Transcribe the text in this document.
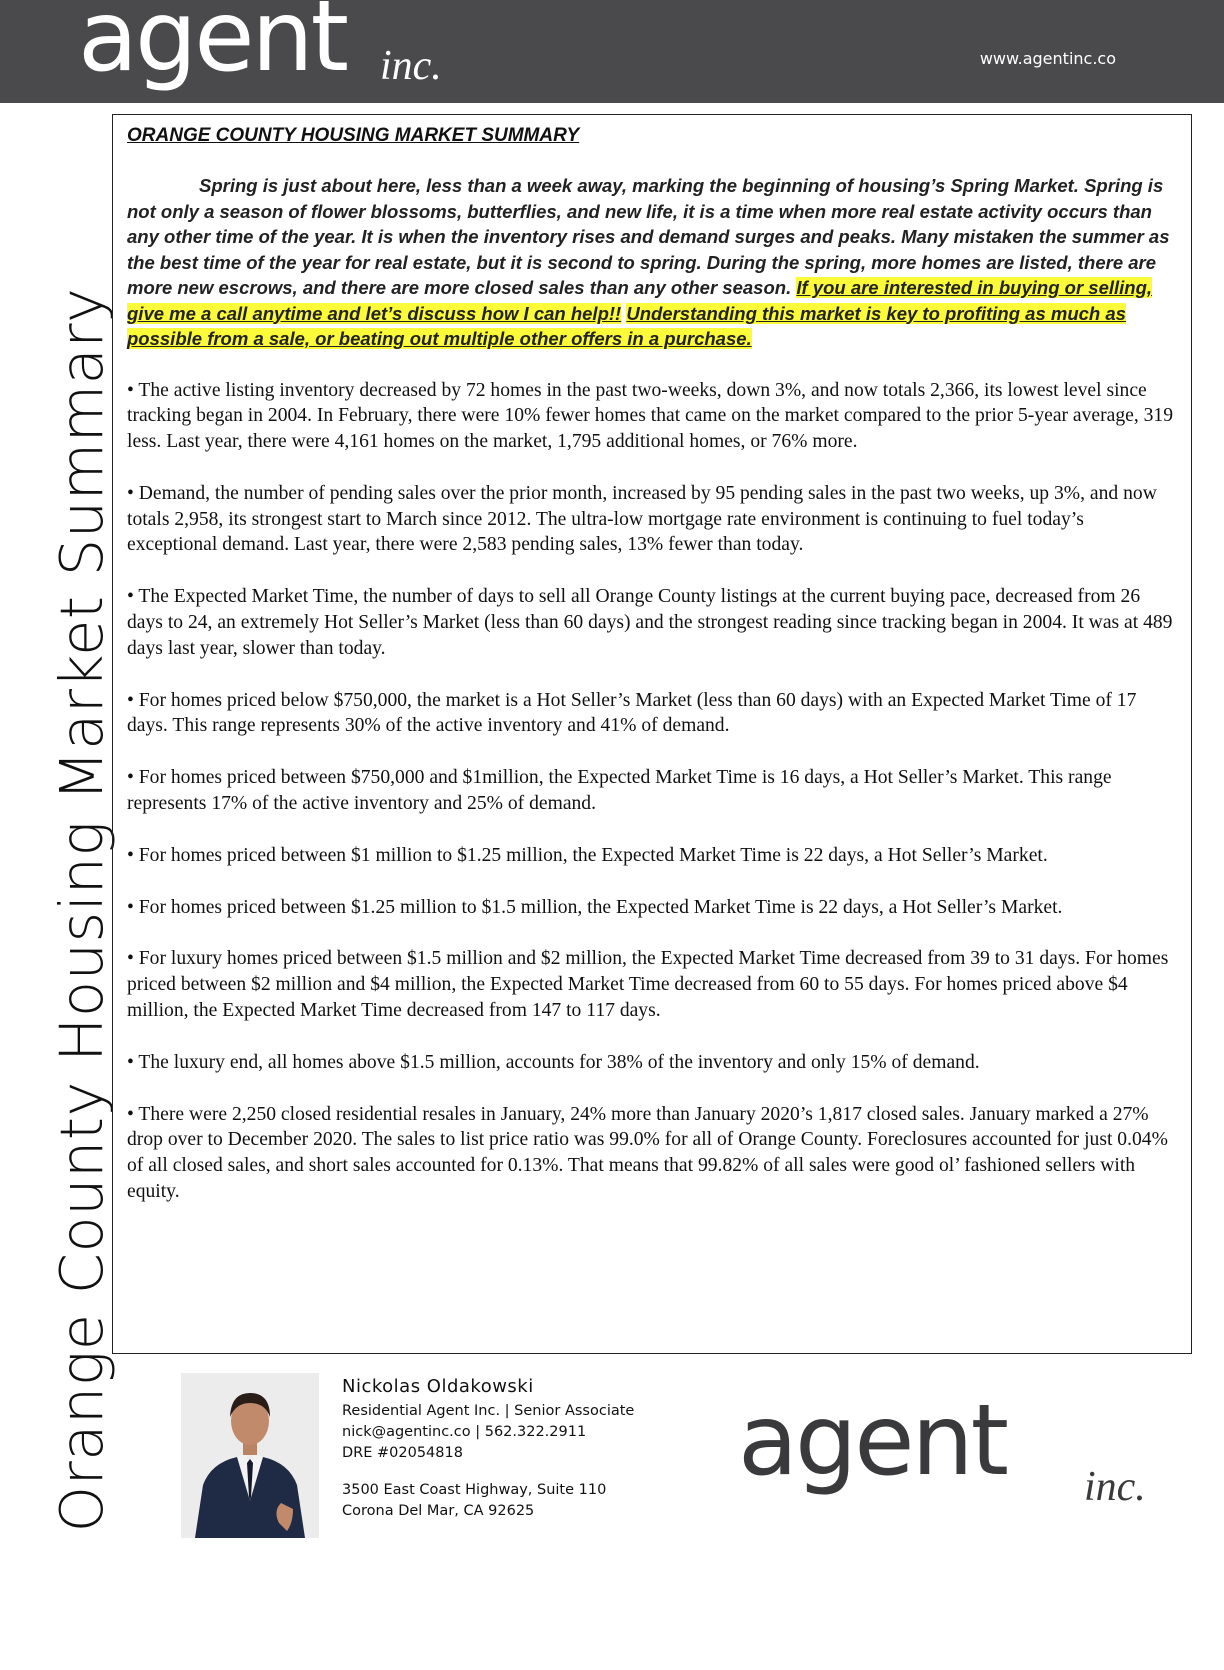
agent inc.	www.agentinc.co
Orange County Housing Market Summary

ORANGE COUNTY HOUSING MARKET SUMMARY

Spring is just about here, less than a week away, marking the beginning of housing’s Spring Market. Spring is not only a season of flower blossoms, butterflies, and new life, it is a time when more real estate activity occurs than any other time of the year. It is when the inventory rises and demand surges and peaks. Many mistaken the summer as the best time of the year for real estate, but it is second to spring. During the spring, more homes are listed, there are more new escrows, and there are more closed sales than any other season. If you are interested in buying or selling, give me a call anytime and let’s discuss how I can help!! Understanding this market is key to profiting as much as possible from a sale, or beating out multiple other offers in a purchase.

• The active listing inventory decreased by 72 homes in the past two-weeks, down 3%, and now totals 2,366, its lowest level since tracking began in 2004. In February, there were 10% fewer homes that came on the market compared to the prior 5-year average, 319 less. Last year, there were 4,161 homes on the market, 1,795 additional homes, or 76% more.

• Demand, the number of pending sales over the prior month, increased by 95 pending sales in the past two weeks, up 3%, and now totals 2,958, its strongest start to March since 2012. The ultra-low mortgage rate environment is continuing to fuel today’s exceptional demand. Last year, there were 2,583 pending sales, 13% fewer than today.

• The Expected Market Time, the number of days to sell all Orange County listings at the current buying pace, decreased from 26 days to 24, an extremely Hot Seller’s Market (less than 60 days) and the strongest reading since tracking began in 2004. It was at 489 days last year, slower than today.

• For homes priced below $750,000, the market is a Hot Seller’s Market (less than 60 days) with an Expected Market Time of 17 days. This range represents 30% of the active inventory and 41% of demand.

• For homes priced between $750,000 and $1million, the Expected Market Time is 16 days, a Hot Seller’s Market. This range represents 17% of the active inventory and 25% of demand.

• For homes priced between $1 million to $1.25 million, the Expected Market Time is 22 days, a Hot Seller’s Market.

• For homes priced between $1.25 million to $1.5 million, the Expected Market Time is 22 days, a Hot Seller’s Market.

• For luxury homes priced between $1.5 million and $2 million, the Expected Market Time decreased from 39 to 31 days. For homes priced between $2 million and $4 million, the Expected Market Time decreased from 60 to 55 days. For homes priced above $4 million, the Expected Market Time decreased from 147 to 117 days.

• The luxury end, all homes above $1.5 million, accounts for 38% of the inventory and only 15% of demand.

• There were 2,250 closed residential resales in January, 24% more than January 2020’s 1,817 closed sales. January marked a 27% drop over to December 2020. The sales to list price ratio was 99.0% for all of Orange County. Foreclosures accounted for just 0.04% of all closed sales, and short sales accounted for 0.13%. That means that 99.82% of all sales were good ol’ fashioned sellers with equity.

Nickolas Oldakowski
Residential Agent Inc. | Senior Associate
nick@agentinc.co | 562.322.2911
DRE #02054818
3500 East Coast Highway, Suite 110
Corona Del Mar, CA 92625
agent inc.
